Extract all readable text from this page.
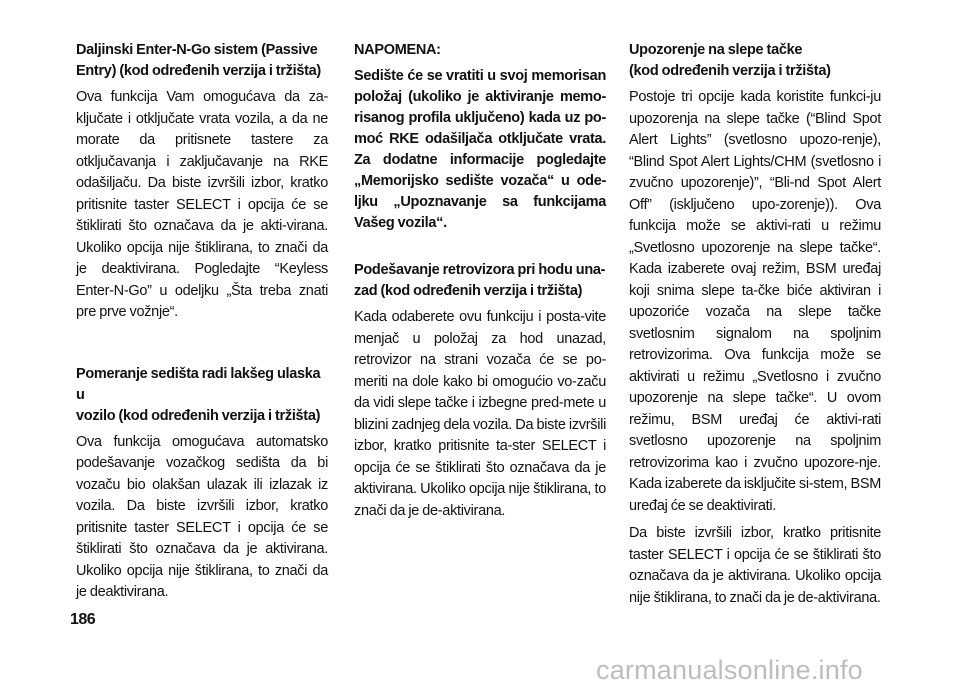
Daljinski Enter-N-Go sistem (Passive
Entry) (kod određenih verzija i tržišta)

Ova funkcija Vam omogućava da za-ključate i otključate vrata vozila, a da ne morate da pritisnete tastere za otključavanja i zaključavanje na RKE odašiljaču. Da biste izvršili izbor, kratko pritisnite taster SELECT i opcija će se štiklirati što označava da je akti-virana. Ukoliko opcija nije štiklirana, to znači da je deaktivirana. Pogledajte “Keyless Enter-N-Go” u odeljku „Šta treba znati pre prve vožnje“.

Pomeranje sedišta radi lakšeg ulaska u
vozilo (kod određenih verzija i tržišta)

Ova funkcija omogućava automatsko podešavanje vozačkog sedišta da bi vozaču bio olakšan ulazak ili izlazak iz vozila. Da biste izvršili izbor, kratko pritisnite taster SELECT i opcija će se štiklirati što označava da je aktivirana. Ukoliko opcija nije štiklirana, to znači da je deaktivirana.

NAPOMENA:

Sedište će se vratiti u svoj memorisan položaj (ukoliko je aktiviranje memo-risanog profila uključeno) kada uz po-moć RKE odašiljača otključate vrata. Za dodatne informacije pogledajte „Memorijsko sedište vozača“ u ode-ljku „Upoznavanje sa funkcijama Vašeg vozila“.

Podešavanje retrovizora pri hodu una-
zad (kod određenih verzija i tržišta)

Kada odaberete ovu funkciju i posta-vite menjač u položaj za hod unazad, retrovizor na strani vozača će se po-meriti na dole kako bi omogućio vo-začu da vidi slepe tačke i izbegne pred-mete u blizini zadnjeg dela vozila. Da biste izvršili izbor, kratko pritisnite ta-ster SELECT i opcija će se štiklirati što označava da je aktivirana. Ukoliko opcija nije štiklirana, to znači da je de-aktivirana.

Upozorenje na slepe tačke
(kod određenih verzija i tržišta)

Postoje tri opcije kada koristite funkci-ju upozorenja na slepe tačke (“Blind Spot Alert Lights” (svetlosno upozo-renje), “Blind Spot Alert Lights/CHM (svetlosno i zvučno upozorenje)”, “Bli-nd Spot Alert Off” (isključeno upo-zorenje)). Ova funkcija može se aktivi-rati u režimu „Svetlosno upozorenje na slepe tačke“. Kada izaberete ovaj režim, BSM uređaj koji snima slepe ta-čke biće aktiviran i upozoriće vozača na slepe tačke svetlosnim signalom na spoljnim retrovizorima. Ova funkcija može se aktivirati u režimu „Svetlosno i zvučno upozorenje na slepe tačke“. U ovom režimu, BSM uređaj će aktivi-rati svetlosno upozorenje na spoljnim retrovizorima kao i zvučno upozore-nje. Kada izaberete da isključite si-stem, BSM uređaj će se deaktivirati.

Da biste izvršili izbor, kratko pritisnite taster SELECT i opcija će se štiklirati što označava da je aktivirana. Ukoliko opcija nije štiklirana, to znači da je de-aktivirana.

186
carmanualsonline.info
